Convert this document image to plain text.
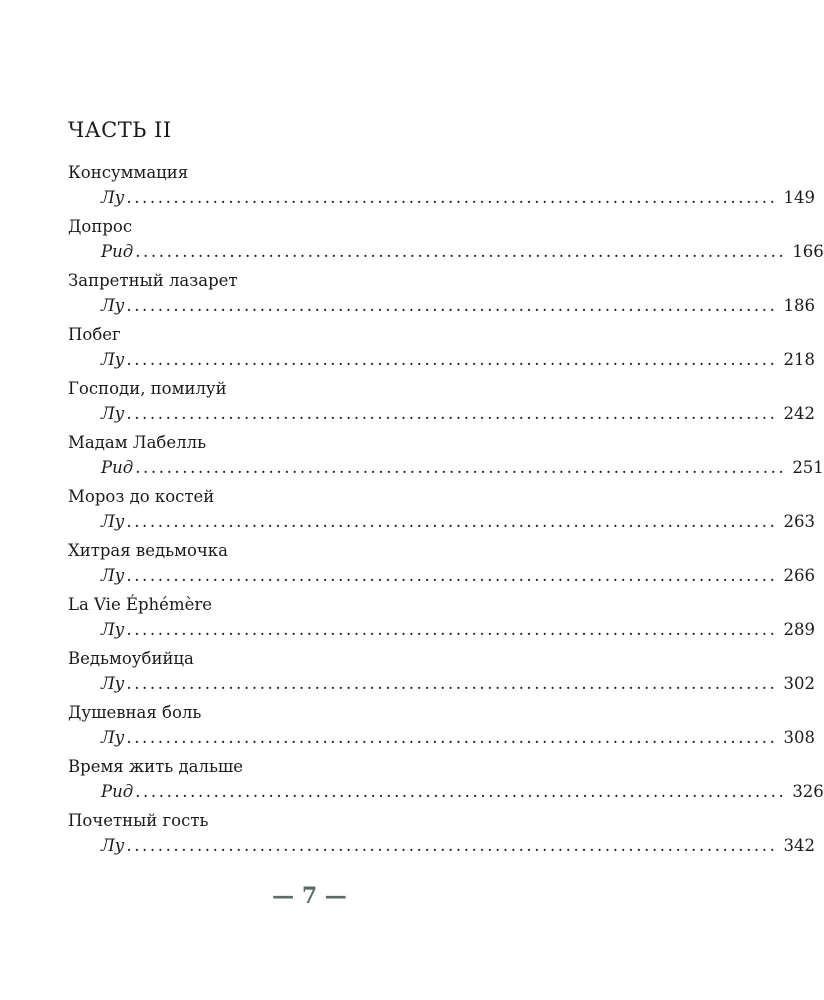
ЧАСТЬ II
Консуммация
Лу ................................................................................... 149
Допрос
Рид ................................................................................... 166
Запретный лазарет
Лу ................................................................................... 186
Побег
Лу ................................................................................... 218
Господи, помилуй
Лу ................................................................................... 242
Мадам Лабелль
Рид ................................................................................... 251
Мороз до костей
Лу ................................................................................... 263
Хитрая ведьмочка
Лу ................................................................................... 266
La Vie Éphémère
Лу ................................................................................... 289
Ведьмоубийца
Лу ................................................................................... 302
Душевная боль
Лу ................................................................................... 308
Время жить дальше
Рид ................................................................................... 326
Почетный гость
Лу ................................................................................... 342
— 7 —
